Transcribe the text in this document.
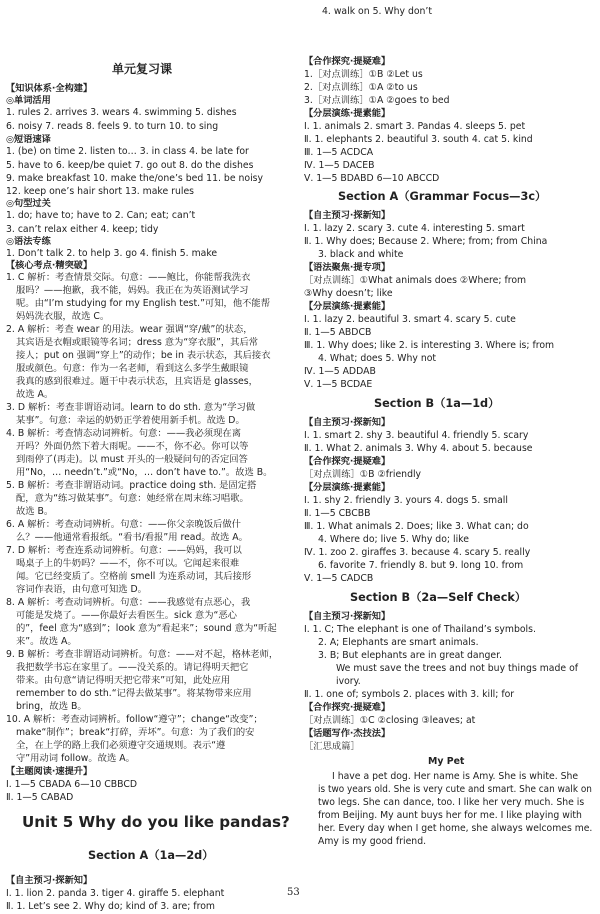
单元复习课
Unit 5 Why do you like pandas?
Section A（1a—2d）
【知识体系·全构建】
◎单词活用
1. rules 2. arrives 3. wears 4. swimming 5. dishes
6. noisy 7. reads 8. feels 9. to turn 10. to sing
◎短语速译
1. (be) on time 2. listen to… 3. in class 4. be late for
5. have to 6. keep/be quiet 7. go out 8. do the dishes
9. make breakfast 10. make the/one’s bed 11. be noisy
12. keep one’s hair short 13. make rules
◎句型过关
1. do; have to; have to 2. Can; eat; can’t
3. can’t relax either 4. keep; tidy
◎语法专练
1. Don’t talk 2. to help 3. go 4. finish 5. make
【核心考点·精突破】
1. C 解析：考查情景交际。句意：——鲍比，你能帮我洗衣
服吗？——抱歉，我不能，妈妈。我正在为英语测试学习
呢。由“I’m studying for my English test.”可知，他不能帮
妈妈洗衣服，故选 C。
2. A 解析：考查 wear 的用法。wear 强调“穿/戴”的状态，
其宾语是衣帽或眼镜等名词；dress 意为“穿衣服”，其后常
接人；put on 强调“穿上”的动作；be in 表示状态，其后接衣
服或颜色。句意：作为一名老师，看到这么多学生戴眼镜
我真的感到很难过。题干中表示状态，且宾语是 glasses，
故选 A。
3. D 解析：考查非谓语动词。learn to do sth. 意为“学习做
某事”。句意：幸运的奶奶正学着使用新手机。故选 D。
4. B 解析：考查情态动词辨析。句意：——我必须现在离
开吗？外面仍然下着大雨呢。——不，你不必。你可以等
到雨停了(再走)。以 must 开头的一般疑问句的否定回答
用“No，… needn’t.”或“No，… don’t have to.”。故选 B。
5. B 解析：考查非谓语动词。practice doing sth. 是固定搭
配，意为“练习做某事”。句意：她经常在周末练习唱歌。
故选 B。
6. A 解析：考查动词辨析。句意：——你父亲晚饭后做什
么？——他通常看报纸。“看书/看报”用 read。故选 A。
7. D 解析：考查连系动词辨析。句意：——妈妈，我可以
喝桌子上的牛奶吗？——不，你不可以。它闻起来很难
闻。它已经变质了。空格前 smell 为连系动词，其后接形
容词作表语，由句意可知选 D。
8. A 解析：考查动词辨析。句意：——我感觉有点恶心，我
可能是发烧了。——你最好去看医生。sick 意为“恶心
的”，feel 意为“感到”；look 意为“看起来”；sound 意为“听起
来”。故选 A。
9. B 解析：考查非谓语动词辨析。句意：——对不起，格林老师，
我把数学书忘在家里了。——没关系的。请记得明天把它
带来。由句意“请记得明天把它带来”可知，此处应用
remember to do sth.“记得去做某事”。将某物带来应用
bring，故选 B。
10. A 解析：考查动词辨析。follow“遵守”；change“改变”；
make“制作”；break“打碎，弄坏”。句意：为了我们的安
全，在上学的路上我们必须遵守交通规则。表示“遵
守”用动词 follow。故选 A。
【主题阅读·速提升】
Ⅰ. 1—5 CBADA 6—10 CBBCD
Ⅱ. 1—5 CABAD
【自主预习·探新知】
Ⅰ. 1. lion 2. panda 3. tiger 4. giraffe 5. elephant
Ⅱ. 1. Let’s see 2. Why do; kind of 3. are; from
Section A（Grammar Focus—3c）
Section B（1a—1d）
Section B（2a—Self Check）
My Pet
4. walk on 5. Why don’t
【合作探究·提疑难】
1.［对点训练］①B ②Let us
2.［对点训练］①A ②to us
3.［对点训练］①A ②goes to bed
【分层演练·提素能】
Ⅰ. 1. animals 2. smart 3. Pandas 4. sleeps 5. pet
Ⅱ. 1. elephants 2. beautiful 3. south 4. cat 5. kind
Ⅲ. 1—5 ACDCA
Ⅳ. 1—5 DACEB
Ⅴ. 1—5 BDABD 6—10 ABCCD
【自主预习·探新知】
Ⅰ. 1. lazy 2. scary 3. cute 4. interesting 5. smart
Ⅱ. 1. Why does; Because 2. Where; from; from China
3. black and white
【语法聚焦·提专项】
［对点训练］①What animals does ②Where; from
③Why doesn’t; like
【分层演练·提素能】
Ⅰ. 1. lazy 2. beautiful 3. smart 4. scary 5. cute
Ⅱ. 1—5 ABDCB
Ⅲ. 1. Why does; like 2. is interesting 3. Where is; from
4. What; does 5. Why not
Ⅳ. 1—5 ADDAB
Ⅴ. 1—5 BCDAE
【自主预习·探新知】
Ⅰ. 1. smart 2. shy 3. beautiful 4. friendly 5. scary
Ⅱ. 1. What 2. animals 3. Why 4. about 5. because
【合作探究·提疑难】
［对点训练］①B ②friendly
【分层演练·提素能】
Ⅰ. 1. shy 2. friendly 3. yours 4. dogs 5. small
Ⅱ. 1—5 CBCBB
Ⅲ. 1. What animals 2. Does; like 3. What can; do
4. Where do; live 5. Why do; like
Ⅳ. 1. zoo 2. giraffes 3. because 4. scary 5. really
6. favorite 7. friendly 8. but 9. long 10. from
Ⅴ. 1—5 CADCB
【自主预习·探新知】
Ⅰ. 1. C; The elephant is one of Thailand’s symbols.
2. A; Elephants are smart animals.
3. B; But elephants are in great danger.
We must save the trees and not buy things made of
ivory.
Ⅱ. 1. one of; symbols 2. places with 3. kill; for
【合作探究·提疑难】
［对点训练］①C ②closing ③leaves; at
【话题写作·杰技法】
［汇思成篇］
I have a pet dog. Her name is Amy. She is white. She
is two years old. She is very cute and smart. She can walk on
two legs. She can dance, too. I like her very much. She is
from Beijing. My aunt buys her for me. I like playing with
her. Every day when I get home, she always welcomes me.
Amy is my good friend.
53
